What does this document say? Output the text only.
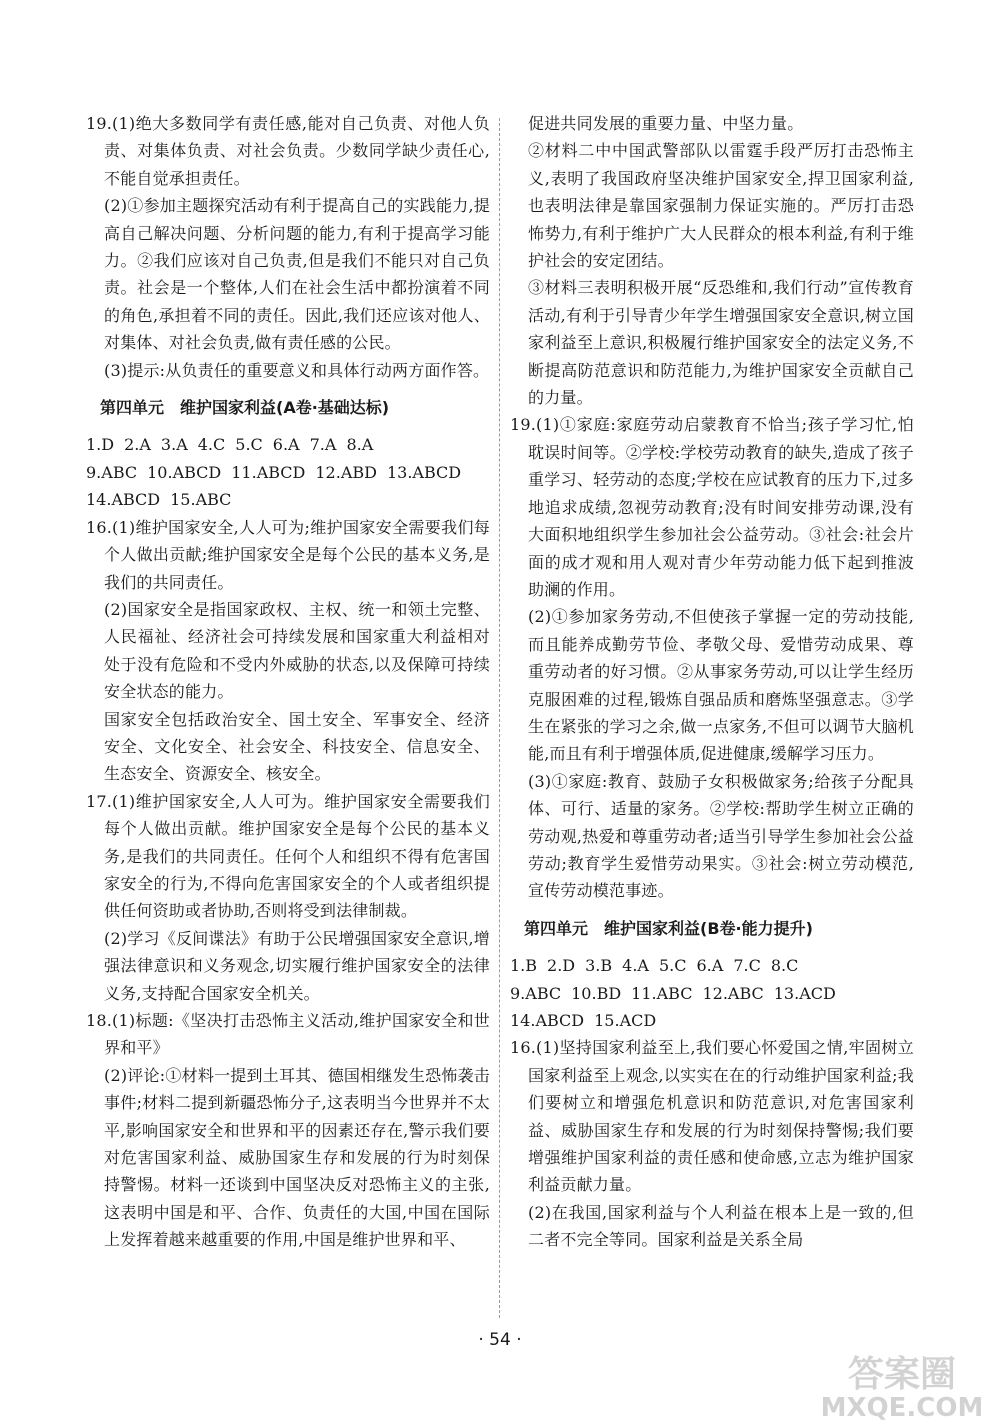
19.(1)绝大多数同学有责任感,能对自己负责、对他人负责、对集体负责、对社会负责。少数同学缺少责任心,不能自觉承担责任。

(2)①参加主题探究活动有利于提高自己的实践能力,提高自己解决问题、分析问题的能力,有利于提高学习能力。②我们应该对自己负责,但是我们不能只对自己负责。社会是一个整体,人们在社会生活中都扮演着不同的角色,承担着不同的责任。因此,我们还应该对他人、对集体、对社会负责,做有责任感的公民。

(3)提示:从负责任的重要意义和具体行动两方面作答。

第四单元　维护国家利益(A卷·基础达标)
1.D 2.A 3.A 4.C 5.C 6.A 7.A 8.A
9.ABC 10.ABCD 11.ABCD 12.ABD 13.ABCD
14.ABCD 15.ABC

16.(1)维护国家安全,人人可为;维护国家安全需要我们每个人做出贡献;维护国家安全是每个公民的基本义务,是我们的共同责任。

(2)国家安全是指国家政权、主权、统一和领土完整、人民福祉、经济社会可持续发展和国家重大利益相对处于没有危险和不受内外威胁的状态,以及保障可持续安全状态的能力。

国家安全包括政治安全、国土安全、军事安全、经济安全、文化安全、社会安全、科技安全、信息安全、生态安全、资源安全、核安全。

17.(1)维护国家安全,人人可为。维护国家安全需要我们每个人做出贡献。维护国家安全是每个公民的基本义务,是我们的共同责任。任何个人和组织不得有危害国家安全的行为,不得向危害国家安全的个人或者组织提供任何资助或者协助,否则将受到法律制裁。

(2)学习《反间谍法》有助于公民增强国家安全意识,增强法律意识和义务观念,切实履行维护国家安全的法律义务,支持配合国家安全机关。

18.(1)标题:《坚决打击恐怖主义活动,维护国家安全和世界和平》

(2)评论:①材料一提到土耳其、德国相继发生恐怖袭击事件;材料二提到新疆恐怖分子,这表明当今世界并不太平,影响国家安全和世界和平的因素还存在,警示我们要对危害国家利益、威胁国家生存和发展的行为时刻保持警惕。材料一还谈到中国坚决反对恐怖主义的主张,这表明中国是和平、合作、负责任的大国,中国在国际上发挥着越来越重要的作用,中国是维护世界和平、

促进共同发展的重要力量、中坚力量。

②材料二中中国武警部队以雷霆手段严厉打击恐怖主义,表明了我国政府坚决维护国家安全,捍卫国家利益,也表明法律是靠国家强制力保证实施的。严厉打击恐怖势力,有利于维护广大人民群众的根本利益,有利于维护社会的安定团结。

③材料三表明积极开展“反恐维和,我们行动”宣传教育活动,有利于引导青少年学生增强国家安全意识,树立国家利益至上意识,积极履行维护国家安全的法定义务,不断提高防范意识和防范能力,为维护国家安全贡献自己的力量。

19.(1)①家庭:家庭劳动启蒙教育不恰当;孩子学习忙,怕耽误时间等。②学校:学校劳动教育的缺失,造成了孩子重学习、轻劳动的态度;学校在应试教育的压力下,过多地追求成绩,忽视劳动教育;没有时间安排劳动课,没有大面积地组织学生参加社会公益劳动。③社会:社会片面的成才观和用人观对青少年劳动能力低下起到推波助澜的作用。

(2)①参加家务劳动,不但使孩子掌握一定的劳动技能,而且能养成勤劳节俭、孝敬父母、爱惜劳动成果、尊重劳动者的好习惯。②从事家务劳动,可以让学生经历克服困难的过程,锻炼自强品质和磨炼坚强意志。③学生在紧张的学习之余,做一点家务,不但可以调节大脑机能,而且有利于增强体质,促进健康,缓解学习压力。

(3)①家庭:教育、鼓励子女积极做家务;给孩子分配具体、可行、适量的家务。②学校:帮助学生树立正确的劳动观,热爱和尊重劳动者;适当引导学生参加社会公益劳动;教育学生爱惜劳动果实。③社会:树立劳动模范,宣传劳动模范事迹。

第四单元　维护国家利益(B卷·能力提升)
1.B 2.D 3.B 4.A 5.C 6.A 7.C 8.C
9.ABC 10.BD 11.ABC 12.ABC 13.ACD
14.ABCD 15.ACD

16.(1)坚持国家利益至上,我们要心怀爱国之情,牢固树立国家利益至上观念,以实实在在的行动维护国家利益;我们要树立和增强危机意识和防范意识,对危害国家利益、威胁国家生存和发展的行为时刻保持警惕;我们要增强维护国家利益的责任感和使命感,立志为维护国家利益贡献力量。

(2)在我国,国家利益与个人利益在根本上是一致的,但二者不完全等同。国家利益是关系全局

· 54 ·
答案圈
MXQE.COM
